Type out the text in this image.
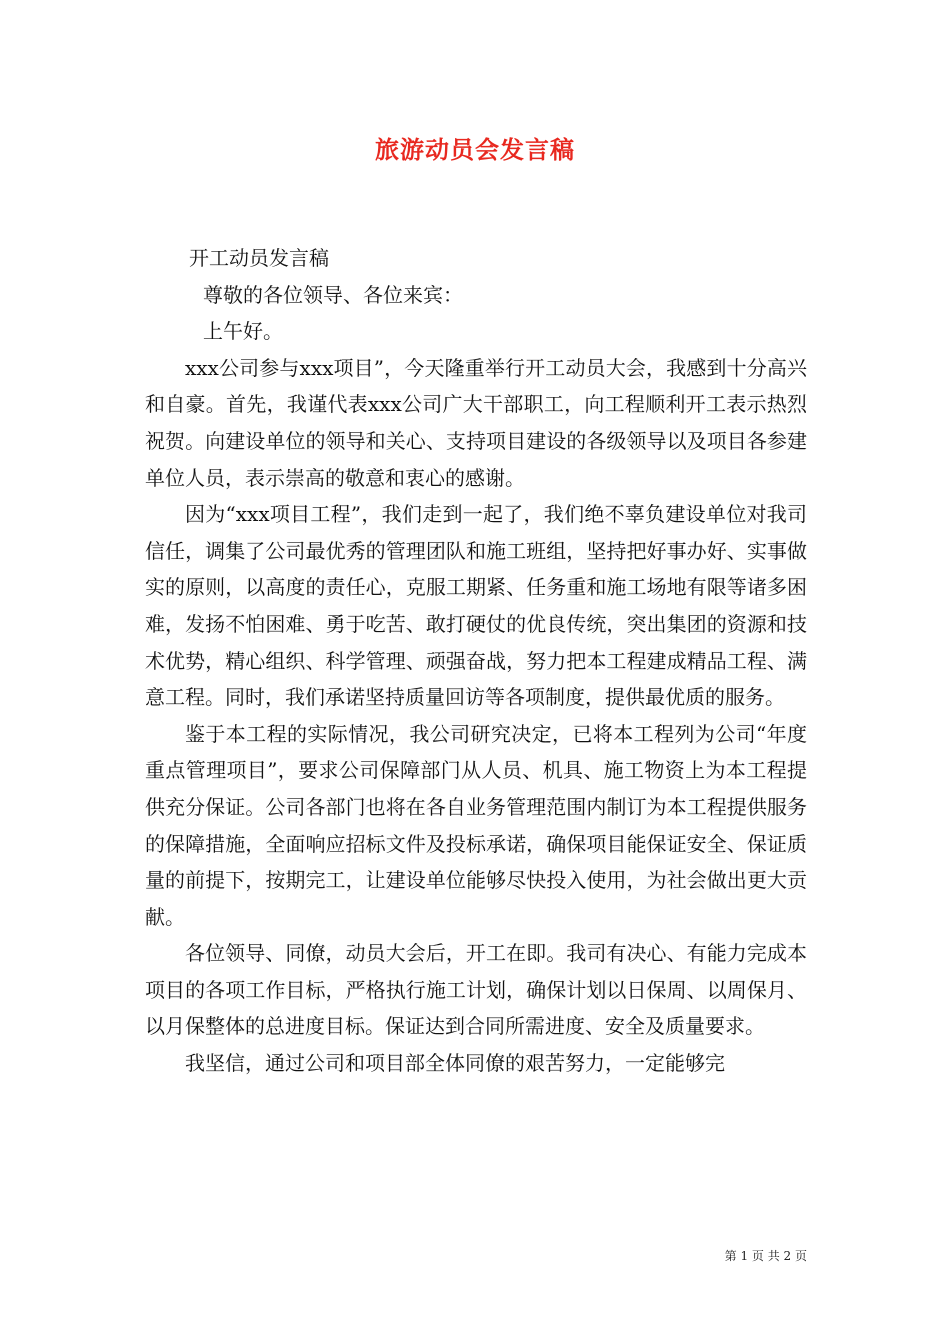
旅游动员会发言稿

开工动员发言稿

尊敬的各位领导、各位来宾：

上午好。

xxx公司参与xxx项目”，今天隆重举行开工动员大会，我感到十分高兴和自豪。首先，我谨代表xxx公司广大干部职工，向工程顺利开工表示热烈祝贺。向建设单位的领导和关心、支持项目建设的各级领导以及项目各参建单位人员，表示崇高的敬意和衷心的感谢。

因为“xxx项目工程”，我们走到一起了，我们绝不辜负建设单位对我司信任，调集了公司最优秀的管理团队和施工班组，坚持把好事办好、实事做实的原则，以高度的责任心，克服工期紧、任务重和施工场地有限等诸多困难，发扬不怕困难、勇于吃苦、敢打硬仗的优良传统，突出集团的资源和技术优势，精心组织、科学管理、顽强奋战，努力把本工程建成精品工程、满意工程。同时，我们承诺坚持质量回访等各项制度，提供最优质的服务。

鉴于本工程的实际情况，我公司研究决定，已将本工程列为公司“年度重点管理项目”，要求公司保障部门从人员、机具、施工物资上为本工程提供充分保证。公司各部门也将在各自业务管理范围内制订为本工程提供服务的保障措施，全面响应招标文件及投标承诺，确保项目能保证安全、保证质量的前提下，按期完工，让建设单位能够尽快投入使用，为社会做出更大贡献。

各位领导、同僚，动员大会后，开工在即。我司有决心、有能力完成本项目的各项工作目标，严格执行施工计划，确保计划以日保周、以周保月、以月保整体的总进度目标。保证达到合同所需进度、安全及质量要求。

我坚信，通过公司和项目部全体同僚的艰苦努力，一定能够完

第 1 页 共 2 页
